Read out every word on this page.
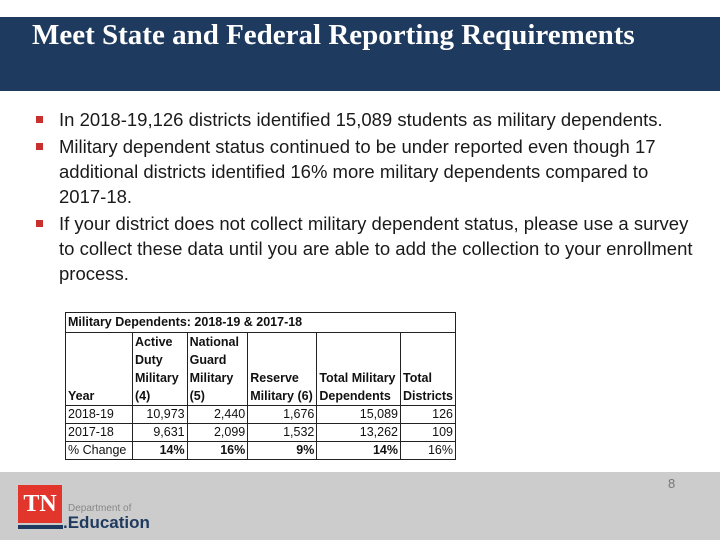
Meet State and Federal Reporting Requirements
In 2018-19,126 districts identified 15,089 students as military dependents.
Military dependent status continued to be under reported even though 17 additional districts identified 16% more military dependents compared to 2017-18.
If your district does not collect military dependent status, please use a survey to collect these data until you are able to add the collection to your enrollment process.
Military Dependents: 2018-19 & 2017-18					
Year	Active Duty Military (4)	National Guard Military (5)	Reserve Military (6)	Total Military Dependents	Total Districts
2018-19	10,973	2,440	1,676	15,089	126
2017-18	9,631	2,099	1,532	13,262	109
% Change	14%	16%	9%	14%	16%
TN	Department of
.Education
8
